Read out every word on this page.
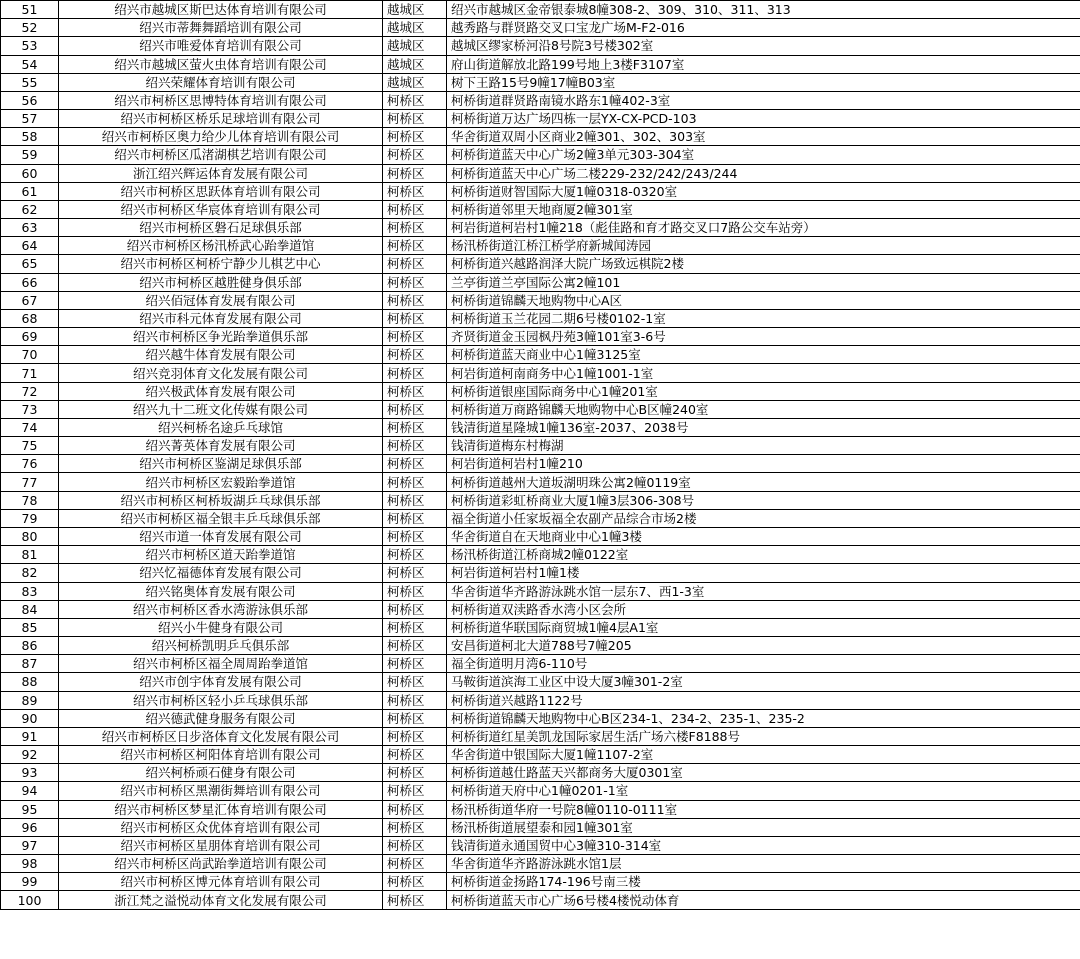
51	绍兴市越城区斯巴达体育培训有限公司	越城区	绍兴市越城区金帝银泰城8幢308-2、309、310、311、313
52	绍兴市蒂舞舞蹈培训有限公司	越城区	越秀路与群贤路交叉口宝龙广场M-F2-016
53	绍兴市唯爱体育培训有限公司	越城区	越城区缪家桥河沿8号院3号楼302室
54	绍兴市越城区萤火虫体育培训有限公司	越城区	府山街道解放北路199号地上3楼F3107室
55	绍兴荣耀体育培训有限公司	越城区	树下王路15号9幢17幢B03室
56	绍兴市柯桥区思博特体育培训有限公司	柯桥区	柯桥街道群贤路南镜水路东1幢402-3室
57	绍兴市柯桥区桥乐足球培训有限公司	柯桥区	柯桥街道万达广场四栋一层YX-CX-PCD-103
58	绍兴市柯桥区奥力给少儿体育培训有限公司	柯桥区	华舍街道双周小区商业2幢301、302、303室
59	绍兴市柯桥区瓜渚湖棋艺培训有限公司	柯桥区	柯桥街道蓝天中心广场2幢3单元303-304室
60	浙江绍兴辉运体育发展有限公司	柯桥区	柯桥街道蓝天中心广场二楼229-232/242/243/244
61	绍兴市柯桥区思跃体育培训有限公司	柯桥区	柯桥街道财智国际大厦1幢0318-0320室
62	绍兴市柯桥区华宸体育培训有限公司	柯桥区	柯桥街道邻里天地商厦2幢301室
63	绍兴市柯桥区磐石足球俱乐部	柯桥区	柯岩街道柯岩村1幢218（彪佳路和育才路交叉口7路公交车站旁）
64	绍兴市柯桥区杨汛桥武心跆拳道馆	柯桥区	杨汛桥街道江桥江桥学府新城闻涛园
65	绍兴市柯桥区柯桥宁静少儿棋艺中心	柯桥区	柯桥街道兴越路润泽大院广场致远棋院2楼
66	绍兴市柯桥区越胜健身俱乐部	柯桥区	兰亭街道兰亭国际公寓2幢101
67	绍兴佰冠体育发展有限公司	柯桥区	柯桥街道锦麟天地购物中心A区
68	绍兴市科元体育发展有限公司	柯桥区	柯桥街道玉兰花园二期6号楼0102-1室
69	绍兴市柯桥区争光跆拳道俱乐部	柯桥区	齐贤街道金玉园枫丹苑3幢101室3-6号
70	绍兴越牛体育发展有限公司	柯桥区	柯桥街道蓝天商业中心1幢3125室
71	绍兴竞羽体育文化发展有限公司	柯桥区	柯岩街道柯南商务中心1幢1001-1室
72	绍兴极武体育发展有限公司	柯桥区	柯桥街道银座国际商务中心1幢201室
73	绍兴九十二班文化传媒有限公司	柯桥区	柯桥街道万商路锦麟天地购物中心B区幢240室
74	绍兴柯桥名途乒乓球馆	柯桥区	钱清街道星隆城1幢136室-2037、2038号
75	绍兴菁英体育发展有限公司	柯桥区	钱清街道梅东村梅湖
76	绍兴市柯桥区鉴湖足球俱乐部	柯桥区	柯岩街道柯岩村1幢210
77	绍兴市柯桥区宏毅跆拳道馆	柯桥区	柯桥街道越州大道坂湖明珠公寓2幢0119室
78	绍兴市柯桥区柯桥坂湖乒乓球俱乐部	柯桥区	柯桥街道彩虹桥商业大厦1幢3层306-308号
79	绍兴市柯桥区福全银丰乒乓球俱乐部	柯桥区	福全街道小任家坂福全农副产品综合市场2楼
80	绍兴市道一体育发展有限公司	柯桥区	华舍街道自在天地商业中心1幢3楼
81	绍兴市柯桥区道天跆拳道馆	柯桥区	杨汛桥街道江桥商城2幢0122室
82	绍兴忆福德体育发展有限公司	柯桥区	柯岩街道柯岩村1幢1楼
83	绍兴铭奥体育发展有限公司	柯桥区	华舍街道华齐路游泳跳水馆一层东7、西1-3室
84	绍兴市柯桥区香水湾游泳俱乐部	柯桥区	柯桥街道双渎路香水湾小区会所
85	绍兴小牛健身有限公司	柯桥区	柯桥街道华联国际商贸城1幢4层A1室
86	绍兴柯桥凯明乒乓俱乐部	柯桥区	安昌街道柯北大道788号7幢205
87	绍兴市柯桥区福全周周跆拳道馆	柯桥区	福全街道明月湾6-110号
88	绍兴市创宇体育发展有限公司	柯桥区	马鞍街道滨海工业区中设大厦3幢301-2室
89	绍兴市柯桥区轻小乒乓球俱乐部	柯桥区	柯桥街道兴越路1122号
90	绍兴德武健身服务有限公司	柯桥区	柯桥街道锦麟天地购物中心B区234-1、234-2、235-1、235-2
91	绍兴市柯桥区日步洛体育文化发展有限公司	柯桥区	柯桥街道红星美凯龙国际家居生活广场六楼F8188号
92	绍兴市柯桥区柯阳体育培训有限公司	柯桥区	华舍街道中银国际大厦1幢1107-2室
93	绍兴柯桥顽石健身有限公司	柯桥区	柯桥街道越仕路蓝天兴都商务大厦0301室
94	绍兴市柯桥区黑潮街舞培训有限公司	柯桥区	柯桥街道天府中心1幢0201-1室
95	绍兴市柯桥区梦星汇体育培训有限公司	柯桥区	杨汛桥街道华府一号院8幢0110-0111室
96	绍兴市柯桥区众优体育培训有限公司	柯桥区	杨汛桥街道展望泰和园1幢301室
97	绍兴市柯桥区星朋体育培训有限公司	柯桥区	钱清街道永通国贸中心3幢310-314室
98	绍兴市柯桥区尚武跆拳道培训有限公司	柯桥区	华舍街道华齐路游泳跳水馆1层
99	绍兴市柯桥区博元体育培训有限公司	柯桥区	柯桥街道金扬路174-196号南三楼
100	浙江梵之溢悦动体育文化发展有限公司	柯桥区	柯桥街道蓝天市心广场6号楼4楼悦动体育
